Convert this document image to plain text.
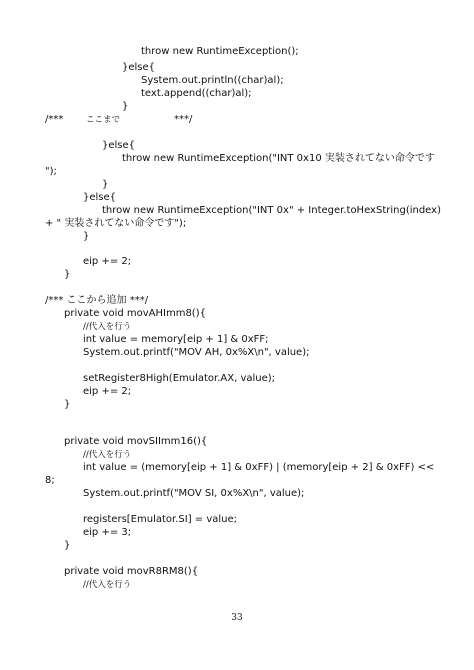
throw new RuntimeException();
}else{
System.out.println((char)al);
text.append((char)al);
}
/***	ここまで	***/
}else{
throw new RuntimeException("INT 0x10 実装されてない命令です
");
}
}else{
throw new RuntimeException("INT 0x" + Integer.toHexString(index)
+ " 実装されてない命令です");
}
eip += 2;
}
/*** ここから追加 ***/
private void movAHImm8(){
//代入を行う
int value = memory[eip + 1] & 0xFF;
System.out.printf("MOV AH, 0x%X\n", value);
setRegister8High(Emulator.AX, value);
eip += 2;
}
private void movSIImm16(){
//代入を行う
int value = (memory[eip + 1] & 0xFF) | (memory[eip + 2] & 0xFF) <<
8;
System.out.printf("MOV SI, 0x%X\n", value);
registers[Emulator.SI] = value;
eip += 3;
}
private void movR8RM8(){
//代入を行う
33
